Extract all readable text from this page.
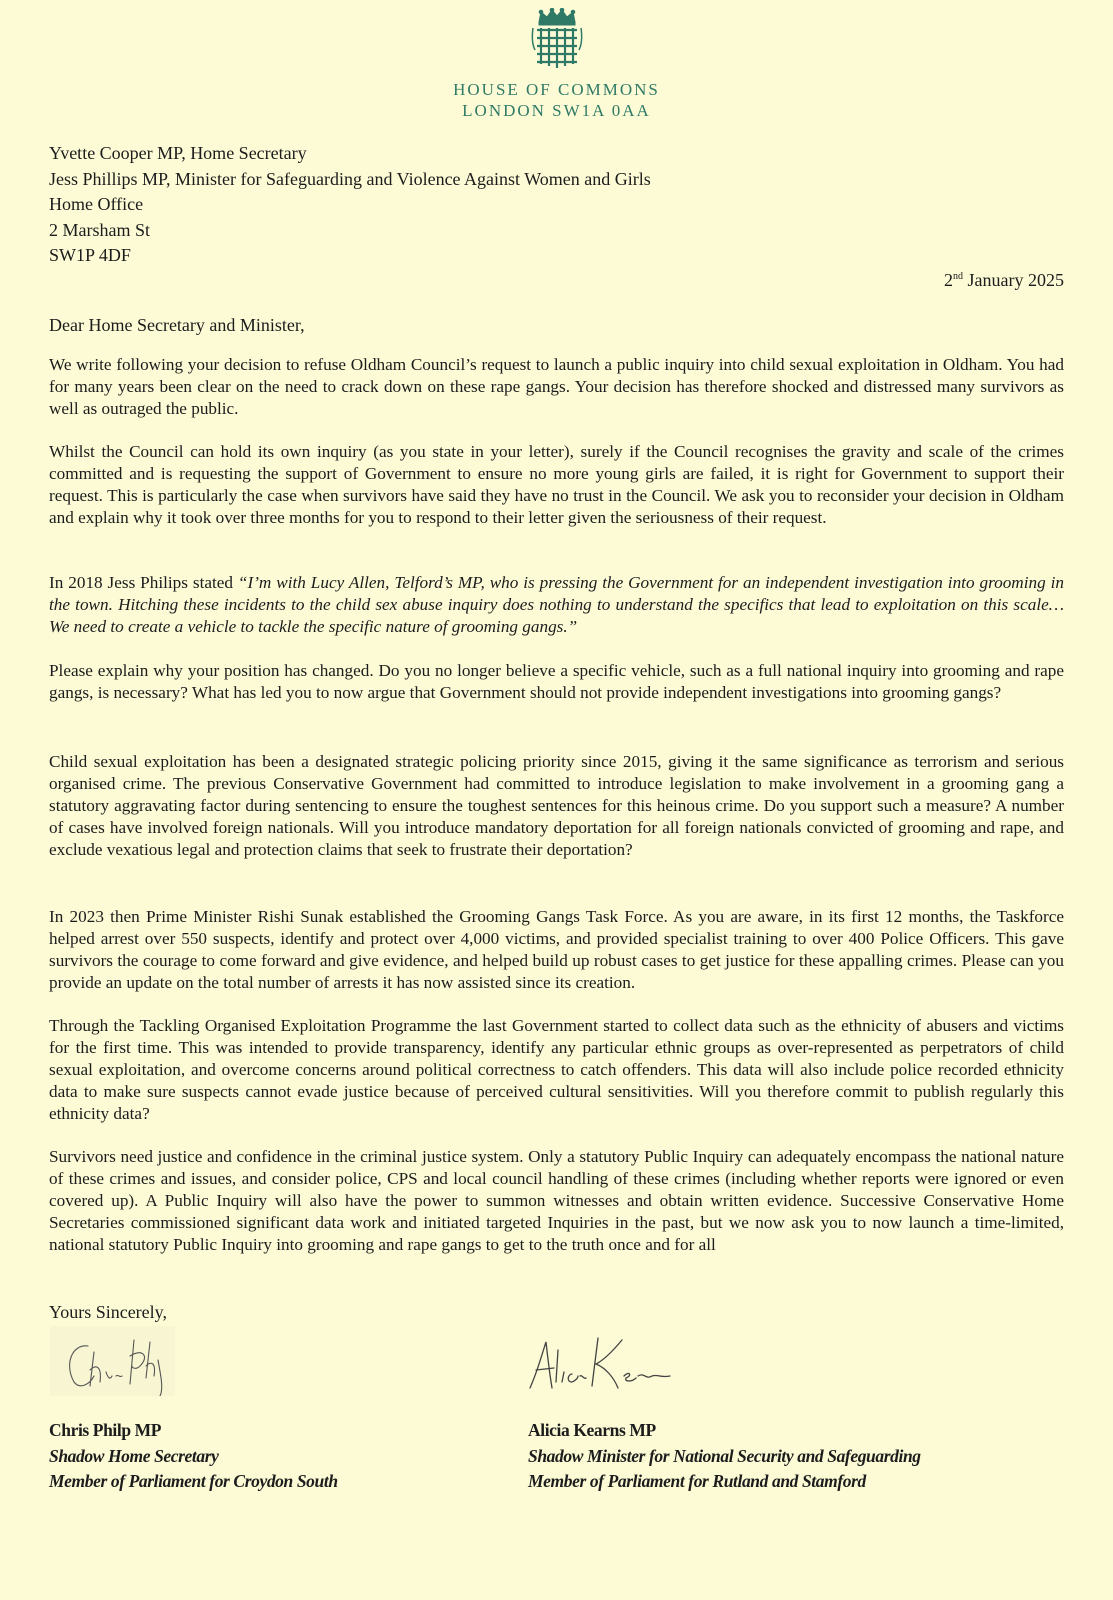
HOUSE OF COMMONS
LONDON SW1A 0AA
Yvette Cooper MP, Home Secretary
Jess Phillips MP, Minister for Safeguarding and Violence Against Women and Girls
Home Office
2 Marsham St
SW1P 4DF
2nd January 2025
Dear Home Secretary and Minister,

We write following your decision to refuse Oldham Council’s request to launch a public inquiry into child sexual exploitation in Oldham. You had for many years been clear on the need to crack down on these rape gangs. Your decision has therefore shocked and distressed many survivors as well as outraged the public.

Whilst the Council can hold its own inquiry (as you state in your letter), surely if the Council recognises the gravity and scale of the crimes committed and is requesting the support of Government to ensure no more young girls are failed, it is right for Government to support their request. This is particularly the case when survivors have said they have no trust in the Council. We ask you to reconsider your decision in Oldham and explain why it took over three months for you to respond to their letter given the seriousness of their request.

In 2018 Jess Philips stated “I’m with Lucy Allen, Telford’s MP, who is pressing the Government for an independent investigation into grooming in the town. Hitching these incidents to the child sex abuse inquiry does nothing to understand the specifics that lead to exploitation on this scale… We need to create a vehicle to tackle the specific nature of grooming gangs.”

Please explain why your position has changed. Do you no longer believe a specific vehicle, such as a full national inquiry into grooming and rape gangs, is necessary? What has led you to now argue that Government should not provide independent investigations into grooming gangs?

Child sexual exploitation has been a designated strategic policing priority since 2015, giving it the same significance as terrorism and serious organised crime. The previous Conservative Government had committed to introduce legislation to make involvement in a grooming gang a statutory aggravating factor during sentencing to ensure the toughest sentences for this heinous crime. Do you support such a measure? A number of cases have involved foreign nationals. Will you introduce mandatory deportation for all foreign nationals convicted of grooming and rape, and exclude vexatious legal and protection claims that seek to frustrate their deportation?

In 2023 then Prime Minister Rishi Sunak established the Grooming Gangs Task Force. As you are aware, in its first 12 months, the Taskforce helped arrest over 550 suspects, identify and protect over 4,000 victims, and provided specialist training to over 400 Police Officers. This gave survivors the courage to come forward and give evidence, and helped build up robust cases to get justice for these appalling crimes. Please can you provide an update on the total number of arrests it has now assisted since its creation.

Through the Tackling Organised Exploitation Programme the last Government started to collect data such as the ethnicity of abusers and victims for the first time. This was intended to provide transparency, identify any particular ethnic groups as over-represented as perpetrators of child sexual exploitation, and overcome concerns around political correctness to catch offenders. This data will also include police recorded ethnicity data to make sure suspects cannot evade justice because of perceived cultural sensitivities. Will you therefore commit to publish regularly this ethnicity data?

Survivors need justice and confidence in the criminal justice system. Only a statutory Public Inquiry can adequately encompass the national nature of these crimes and issues, and consider police, CPS and local council handling of these crimes (including whether reports were ignored or even covered up). A Public Inquiry will also have the power to summon witnesses and obtain written evidence. Successive Conservative Home Secretaries commissioned significant data work and initiated targeted Inquiries in the past, but we now ask you to now launch a time-limited, national statutory Public Inquiry into grooming and rape gangs to get to the truth once and for all

Yours Sincerely,
Chris Philp MP
Shadow Home Secretary
Member of Parliament for Croydon South
Alicia Kearns MP
Shadow Minister for National Security and Safeguarding
Member of Parliament for Rutland and Stamford
